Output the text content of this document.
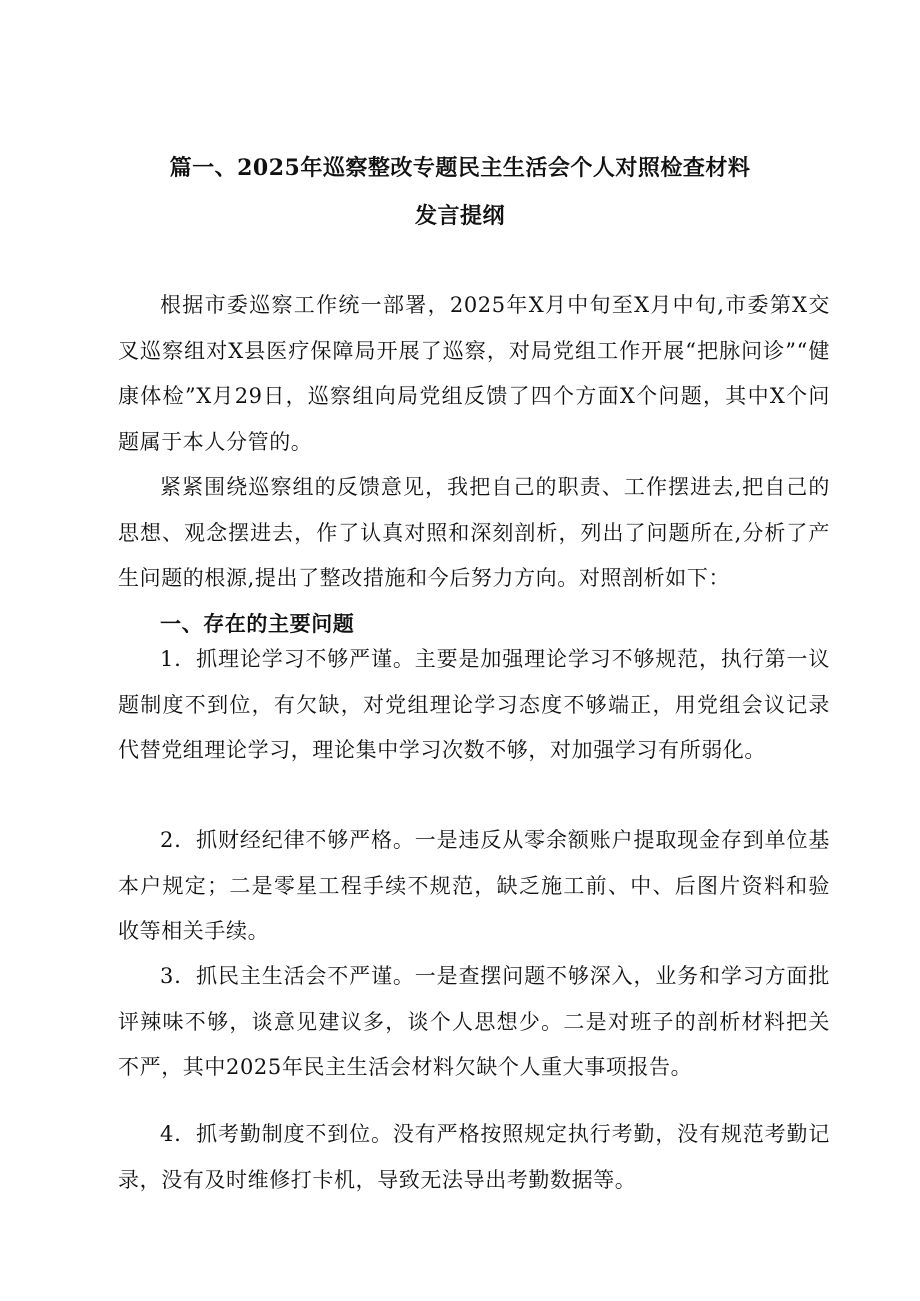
篇一、2025年巡察整改专题民主生活会个人对照检查材料
发言提纲

根据市委巡察工作统一部署，2025年X月中旬至X月中旬,市委第X交叉巡察组对X县医疗保障局开展了巡察，对局党组工作开展“把脉问诊”“健康体检”X月29日，巡察组向局党组反馈了四个方面X个问题，其中X个问题属于本人分管的。

紧紧围绕巡察组的反馈意见，我把自己的职责、工作摆进去,把自己的思想、观念摆进去，作了认真对照和深刻剖析，列出了问题所在,分析了产生问题的根源,提出了整改措施和今后努力方向。对照剖析如下：

一、存在的主要问题

1．抓理论学习不够严谨。主要是加强理论学习不够规范，执行第一议题制度不到位，有欠缺，对党组理论学习态度不够端正，用党组会议记录代替党组理论学习，理论集中学习次数不够，对加强学习有所弱化。

2．抓财经纪律不够严格。一是违反从零余额账户提取现金存到单位基本户规定；二是零星工程手续不规范，缺乏施工前、中、后图片资料和验收等相关手续。

3．抓民主生活会不严谨。一是查摆问题不够深入，业务和学习方面批评辣味不够，谈意见建议多，谈个人思想少。二是对班子的剖析材料把关不严，其中2025年民主生活会材料欠缺个人重大事项报告。

4．抓考勤制度不到位。没有严格按照规定执行考勤，没有规范考勤记录，没有及时维修打卡机，导致无法导出考勤数据等。
